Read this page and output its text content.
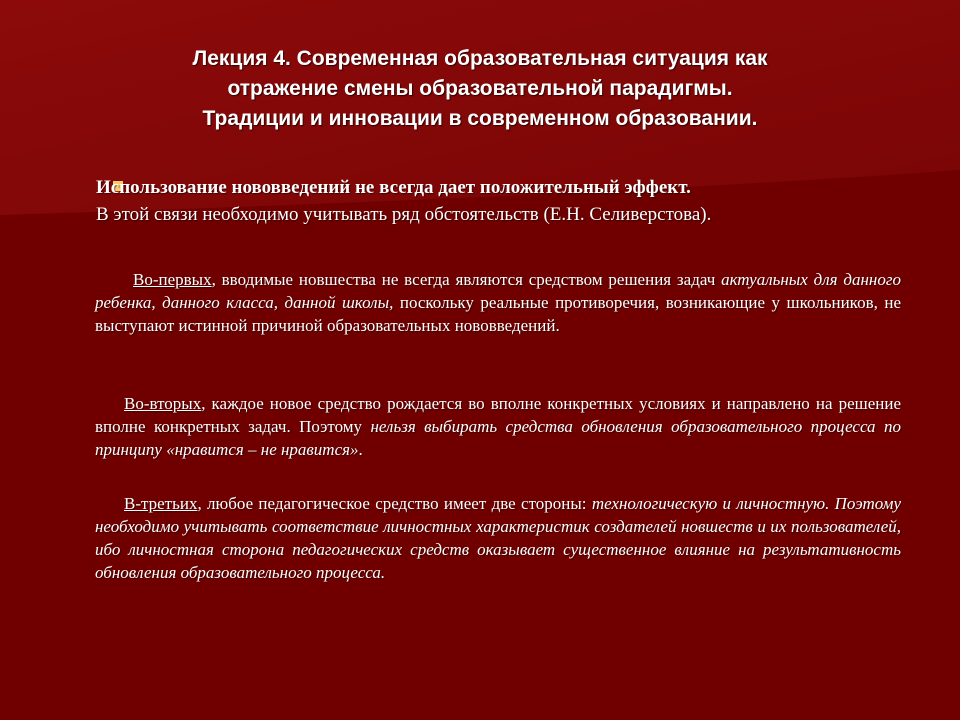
Лекция 4. Современная образовательная ситуация как
отражение смены образовательной парадигмы.
Традиции и инновации в современном образовании.
Использование нововведений не всегда дает положительный эффект.
В этой связи необходимо учитывать ряд обстоятельств (Е.Н. Селиверстова).
Во-первых, вводимые новшества не всегда являются средством решения задач актуальных для данного ребенка, данного класса, данной школы, поскольку реальные противоречия, возникающие у школьников, не выступают истинной причиной образовательных нововведений.
Во-вторых, каждое новое средство рождается во вполне конкретных условиях и направлено на решение вполне конкретных задач. Поэтому нельзя выбирать средства обновления образовательного процесса по принципу «нравится – не нравится».
В-третьих, любое педагогическое средство имеет две стороны: технологическую и личностную. Поэтому необходимо учитывать соответствие личностных характеристик создателей новшеств и их пользователей, ибо личностная сторона педагогических средств оказывает существенное влияние на результативность обновления образовательного процесса.
